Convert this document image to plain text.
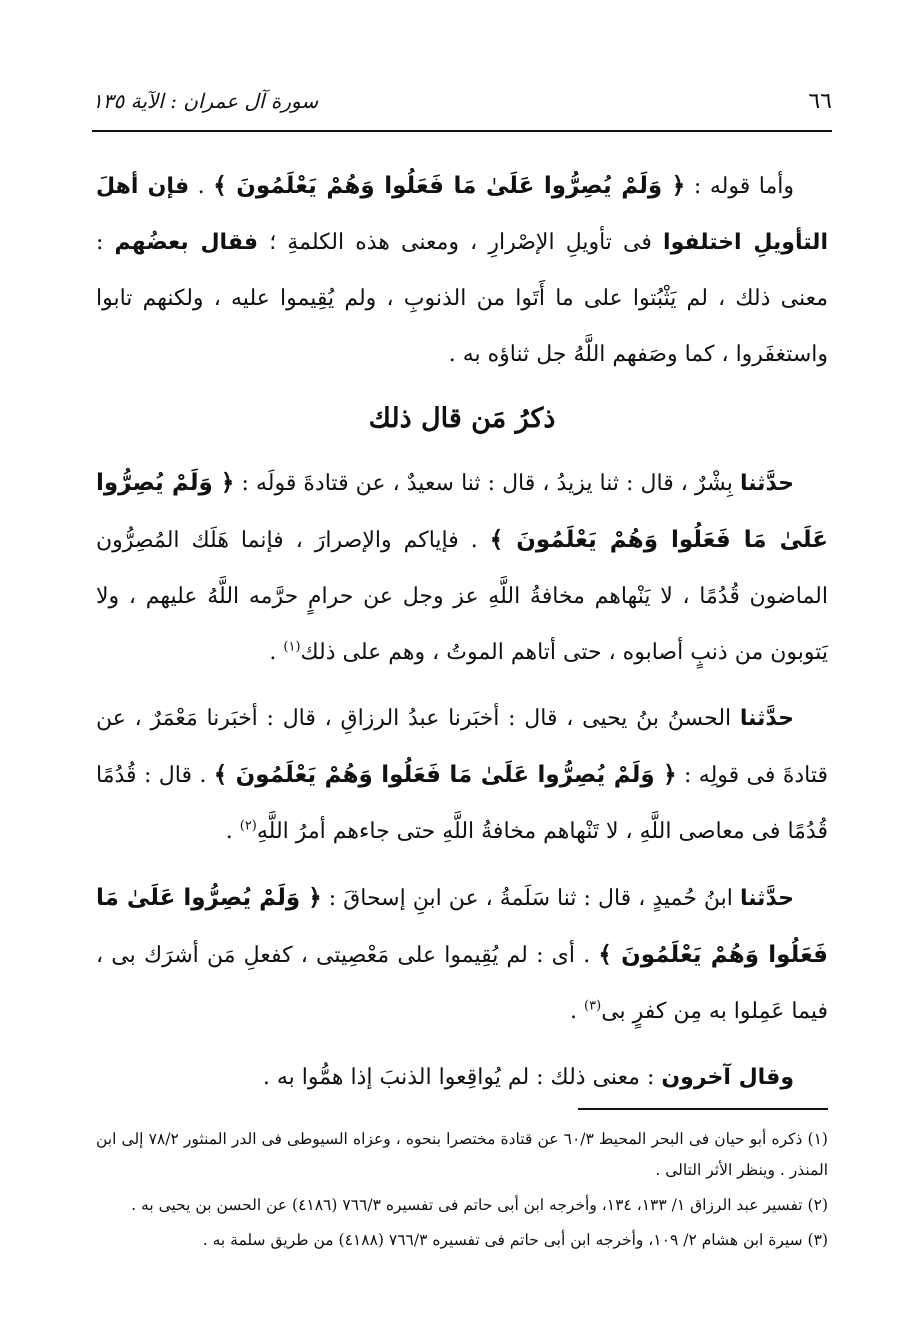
٦٦
سورة آل عمران : الآية ١٣٥

وأما قوله : ﴿ وَلَمْ يُصِرُّوا عَلَىٰ مَا فَعَلُوا وَهُمْ يَعْلَمُونَ ﴾ . فإن أهلَ التأويلِ اختلفوا فى تأويلِ الإصْرارِ ، ومعنى هذه الكلمةِ ؛ فقال بعضُهم : معنى ذلك ، لم يَثْبُتوا على ما أَتَوا من الذنوبِ ، ولم يُقِيموا عليه ، ولكنهم تابوا واستغفَروا ، كما وصَفهم اللَّهُ جل ثناؤه به .

ذكرُ مَن قال ذلك

حدَّثنا بِشْرٌ ، قال : ثنا يزيدُ ، قال : ثنا سعيدٌ ، عن قتادةَ قولَه : ﴿ وَلَمْ يُصِرُّوا عَلَىٰ مَا فَعَلُوا وَهُمْ يَعْلَمُونَ ﴾ . فإياكم والإصرارَ ، فإنما هَلَك المُصِرُّون الماضون قُدُمًا ، لا يَنْهاهم مخافةُ اللَّهِ عز وجل عن حرامٍ حرَّمه اللَّهُ عليهم ، ولا يَتوبون من ذنبٍ أصابوه ، حتى أتاهم الموتُ ، وهم على ذلك$^{(١)}$ .

حدَّثنا الحسنُ بنُ يحيى ، قال : أخبَرنا عبدُ الرزاقِ ، قال : أخبَرنا مَعْمَرٌ ، عن قتادةَ فى قولِه : ﴿ وَلَمْ يُصِرُّوا عَلَىٰ مَا فَعَلُوا وَهُمْ يَعْلَمُونَ ﴾ . قال : قُدُمًا قُدُمًا فى معاصى اللَّهِ ، لا تَنْهاهم مخافةُ اللَّهِ حتى جاءهم أمرُ اللَّهِ$^{(٢)}$ .

حدَّثنا ابنُ حُميدٍ ، قال : ثنا سَلَمةُ ، عن ابنِ إسحاقَ : ﴿ وَلَمْ يُصِرُّوا عَلَىٰ مَا فَعَلُوا وَهُمْ يَعْلَمُونَ ﴾ . أى : لم يُقِيموا على مَعْصِيتى ، كفعلِ مَن أشرَك بى ، فيما عَمِلوا به مِن كفرٍ بى$^{(٣)}$ .

وقال آخرون : معنى ذلك : لم يُواقِعوا الذنبَ إذا همُّوا به .

(١) ذكره أبو حيان فى البحر المحيط ٦٠/٣ عن قتادة مختصرا بنحوه ، وعزاه السيوطى فى الدر المنثور ٧٨/٢ إلى ابن المنذر . وينظر الأثر التالى .

(٢) تفسير عبد الرزاق ١/ ١٣٣، ١٣٤، وأخرجه ابن أبى حاتم فى تفسيره ٧٦٦/٣ (٤١٨٦) عن الحسن بن يحيى به .

(٣) سيرة ابن هشام ٢/ ١٠٩، وأخرجه ابن أبى حاتم فى تفسيره ٧٦٦/٣ (٤١٨٨) من طريق سلمة به .
